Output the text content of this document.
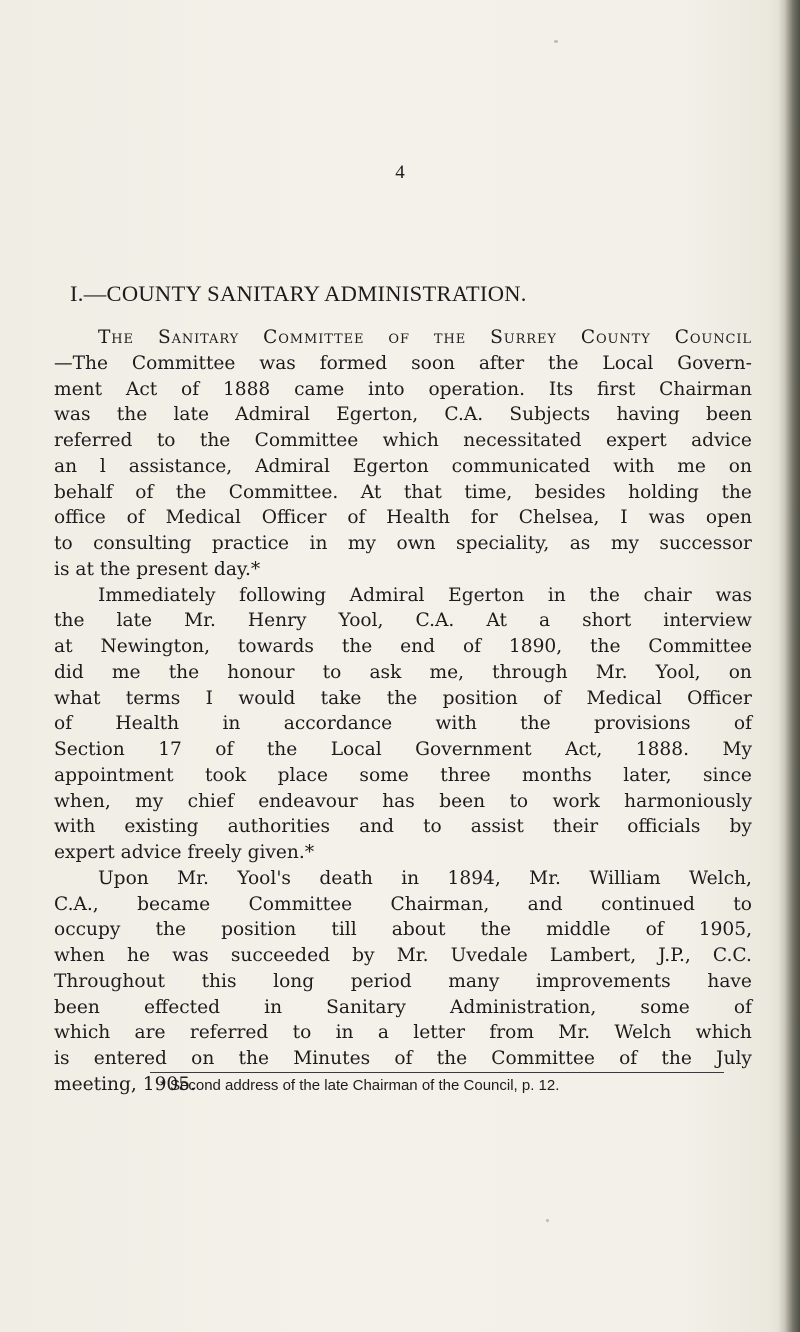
4
I.—COUNTY SANITARY ADMINISTRATION.
The Sanitary Committee of the Surrey County Council
—The Committee was formed soon after the Local Govern-
ment Act of 1888 came into operation. Its first Chairman
was the late Admiral Egerton, C.A. Subjects having been
referred to the Committee which necessitated expert advice
an l assistance, Admiral Egerton communicated with me on
behalf of the Committee. At that time, besides holding the
office of Medical Officer of Health for Chelsea, I was open
to consulting practice in my own speciality, as my successor
is at the present day.*
Immediately following Admiral Egerton in the chair was
the late Mr. Henry Yool, C.A. At a short interview
at Newington, towards the end of 1890, the Committee
did me the honour to ask me, through Mr. Yool, on
what terms I would take the position of Medical Officer
of Health in accordance with the provisions of
Section 17 of the Local Government Act, 1888. My
appointment took place some three months later, since
when, my chief endeavour has been to work harmoniously
with existing authorities and to assist their officials by
expert advice freely given.*
Upon Mr. Yool's death in 1894, Mr. William Welch,
C.A., became Committee Chairman, and continued to
occupy the position till about the middle of 1905,
when he was succeeded by Mr. Uvedale Lambert, J.P., C.C.
Throughout this long period many improvements have
been effected in Sanitary Administration, some of
which are referred to in a letter from Mr. Welch which
is entered on the Minutes of the Committee of the July
meeting, 1905.
* Second address of the late Chairman of the Council, p. 12.
